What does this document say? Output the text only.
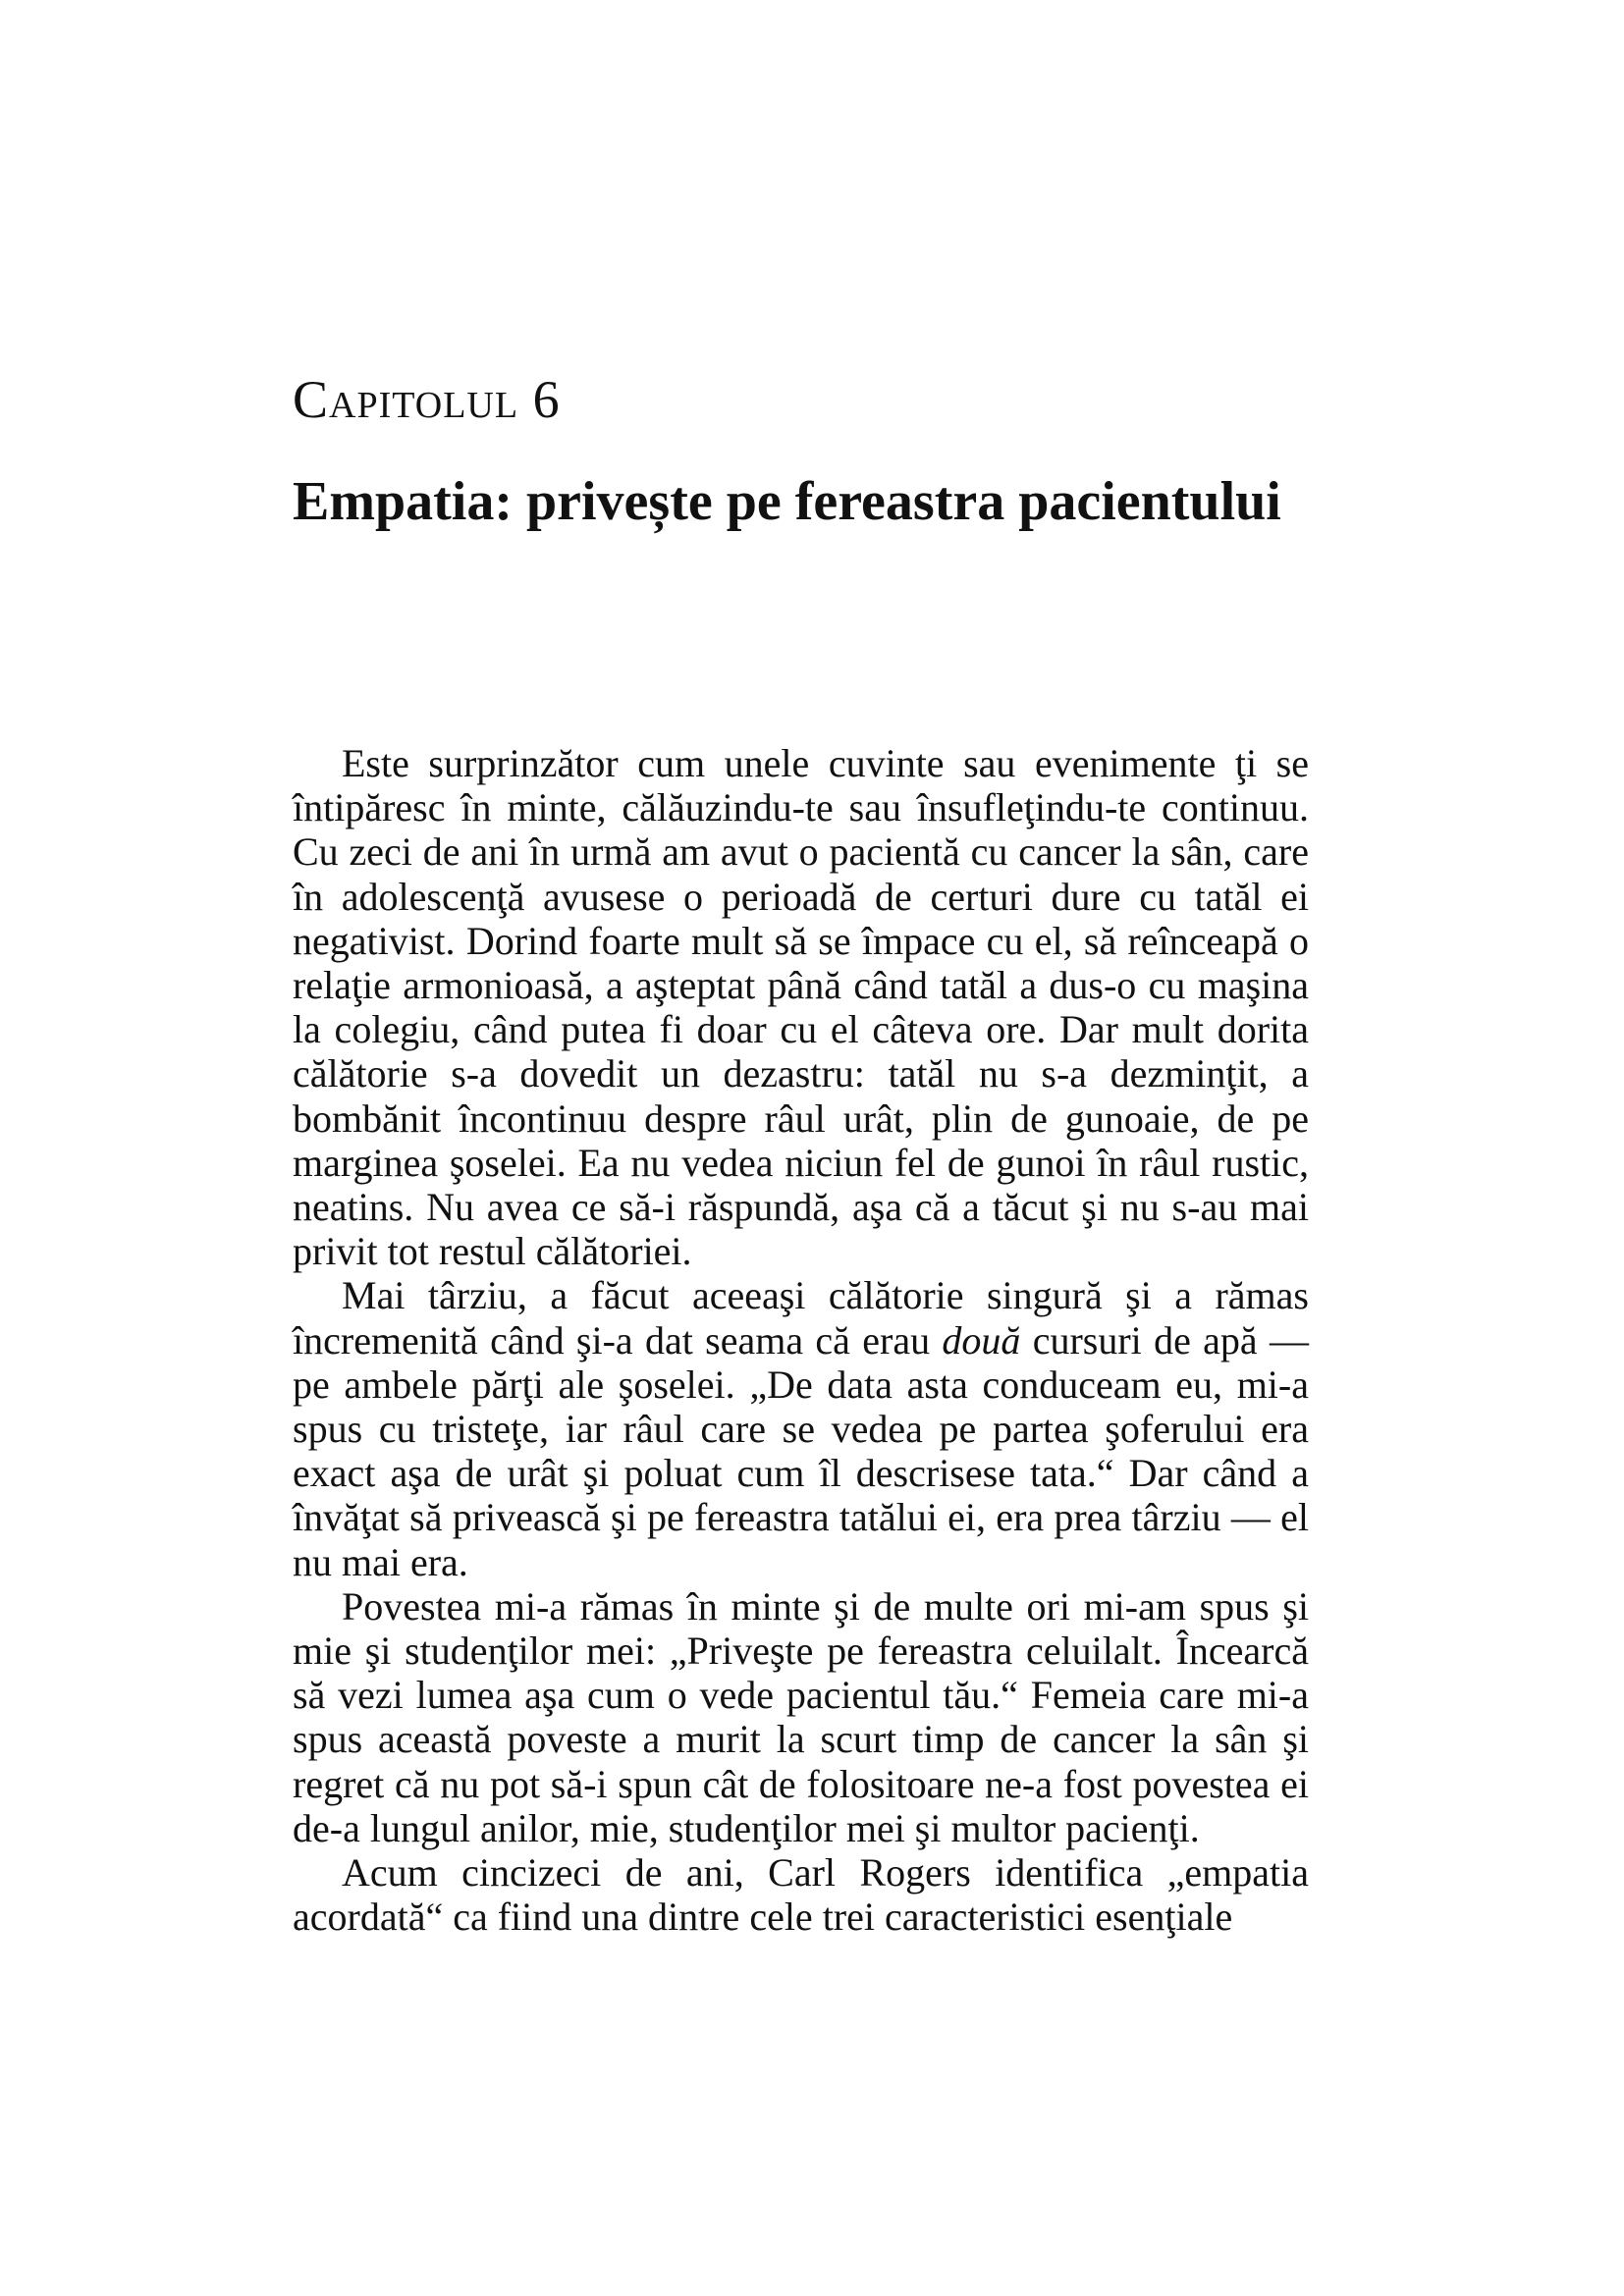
Capitolul 6
Empatia: privește pe fereastra pacientului

Este surprinzător cum unele cuvinte sau evenimente ţi se întipăresc în minte, călăuzindu-te sau însufleţindu-te continuu. Cu zeci de ani în urmă am avut o pacientă cu cancer la sân, care în adolescenţă avusese o perioadă de certuri dure cu tatăl ei negativist. Dorind foarte mult să se împace cu el, să reînceapă o relaţie armonioasă, a aşteptat până când tatăl a dus-o cu maşina la colegiu, când putea fi doar cu el câteva ore. Dar mult dorita călătorie s-a dovedit un dezastru: tatăl nu s-a dezminţit, a bombănit încontinuu despre râul urât, plin de gunoaie, de pe marginea şoselei. Ea nu vedea niciun fel de gunoi în râul rustic, neatins. Nu avea ce să-i răspundă, aşa că a tăcut şi nu s-au mai privit tot restul călătoriei.

Mai târziu, a făcut aceeaşi călătorie singură şi a rămas încremenită când şi-a dat seama că erau două cursuri de apă — pe ambele părţi ale şoselei. „De data asta conduceam eu, mi-a spus cu tristeţe, iar râul care se vedea pe partea şoferului era exact aşa de urât şi poluat cum îl descrisese tata.“ Dar când a învăţat să privească şi pe fereastra tatălui ei, era prea târziu — el nu mai era.

Povestea mi-a rămas în minte şi de multe ori mi-am spus şi mie şi studenţilor mei: „Priveşte pe fereastra celuilalt. Încearcă să vezi lumea aşa cum o vede pacientul tău.“ Femeia care mi-a spus această poveste a murit la scurt timp de cancer la sân şi regret că nu pot să-i spun cât de folositoare ne-a fost povestea ei de-a lungul anilor, mie, studenţilor mei şi multor pacienţi.

Acum cincizeci de ani, Carl Rogers identifica „empatia acordată“ ca fiind una dintre cele trei caracteristici esenţiale
